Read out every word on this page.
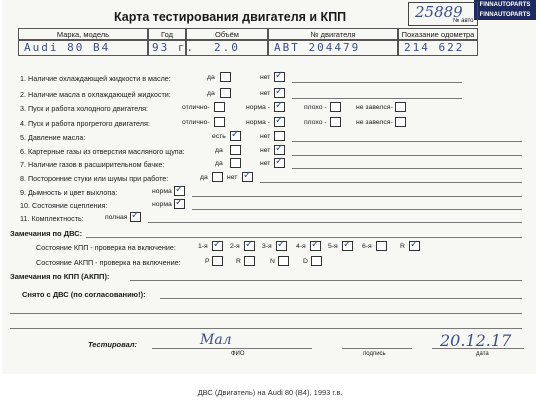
FINNAUTOPARTS
FINNAUTOPARTS
Карта тестирования двигателя и КПП	25889
№ авто
Марка, модель	Год	Объём	№ двигателя	Показание одометра
Audi 80 B4	93 г. 2.0	ABT 204479	214 622
1. Наличие охлаждающей жидкости в масле:	да	нет ✓
2. Наличие масла в охлаждающей жидкости:	да	нет ✓
3. Пуск и работа холодного двигателя:	отлично-	норма - ✓	плохо -	не завелся-
4. Пуск и работа прогретого двигателя:	отлично-	норма - ✓	плохо -	не завелся-
5. Давление масла:	есть ✓	нет
6. Картерные газы из отверстия масляного щупа:	да	нет ✓
7. Наличие газов в расширительном бачке:	да	нет ✓
8. Посторонние стуки или шумы при работе:	да	нет ✓
9. Дымность и цвет выхлопа:	норма ✓
10. Состояние сцепления:	норма ✓
11. Комплектность:	полная ✓
Замечания по ДВС:
Состояние КПП - проверка на включение:	1-я ✓ 2-я ✓ 3-я ✓ 4-я ✓ 5-я ✓ 6-я	R ✓
Состояние АКПП - проверка на включение:	P	R	N	D
Замечания по КПП (АКПП):
Снято с ДВС (по согласованию!):
Тестировал:	Мал	20.12.17
ФИО	подпись	дата
ДВС (Двигатель) на Audi 80 (B4), 1993 г.в.
